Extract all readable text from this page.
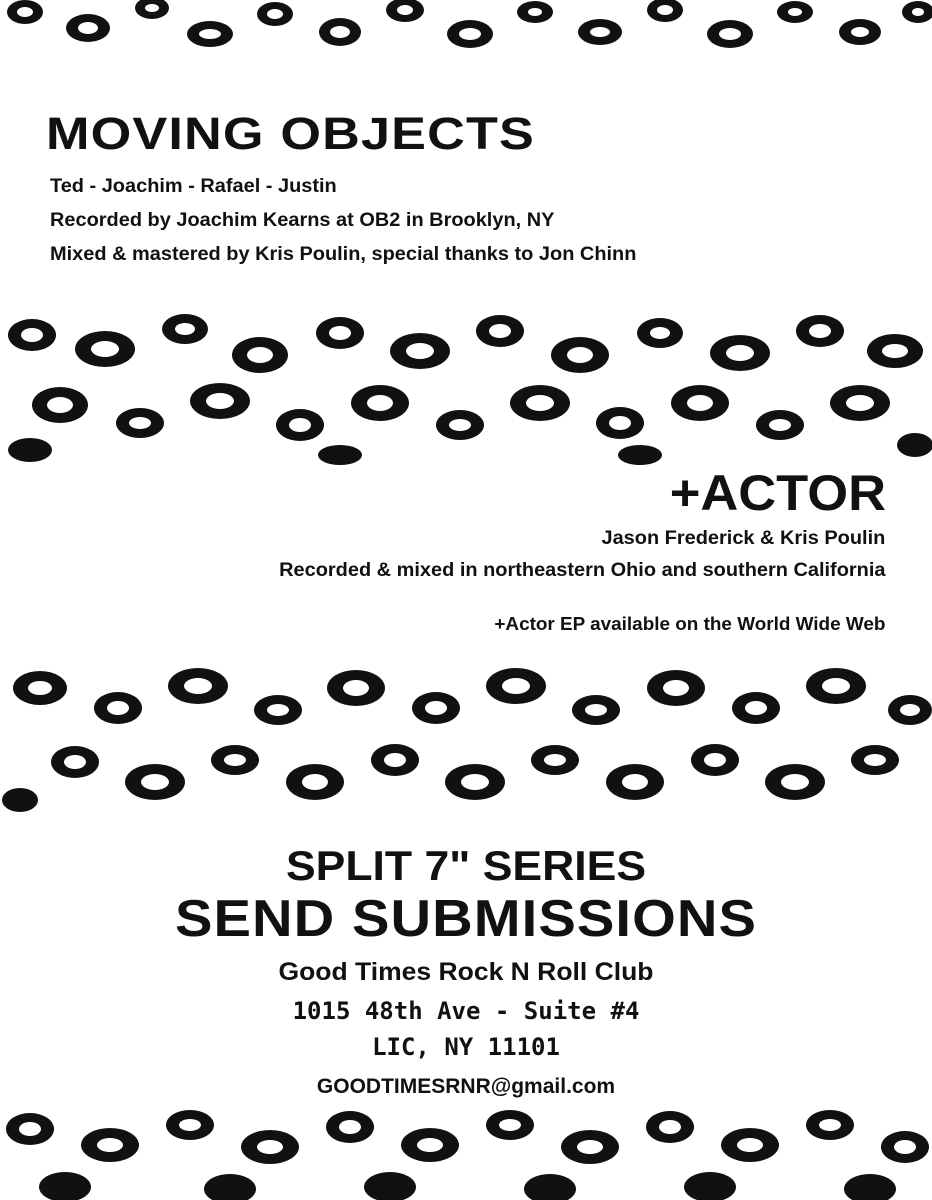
MOVING OBJECTS
Ted - Joachim - Rafael - Justin
Recorded by Joachim Kearns at OB2 in Brooklyn, NY
Mixed & mastered by Kris Poulin, special thanks to Jon Chinn
+ACTOR
Jason Frederick & Kris Poulin
Recorded & mixed in northeastern Ohio and southern California
+Actor EP available on the World Wide Web
SPLIT 7" SERIES
SEND SUBMISSIONS
Good Times Rock N Roll Club
1015 48th Ave - Suite #4
LIC, NY 11101
GOODTIMESRNR@gmail.com
